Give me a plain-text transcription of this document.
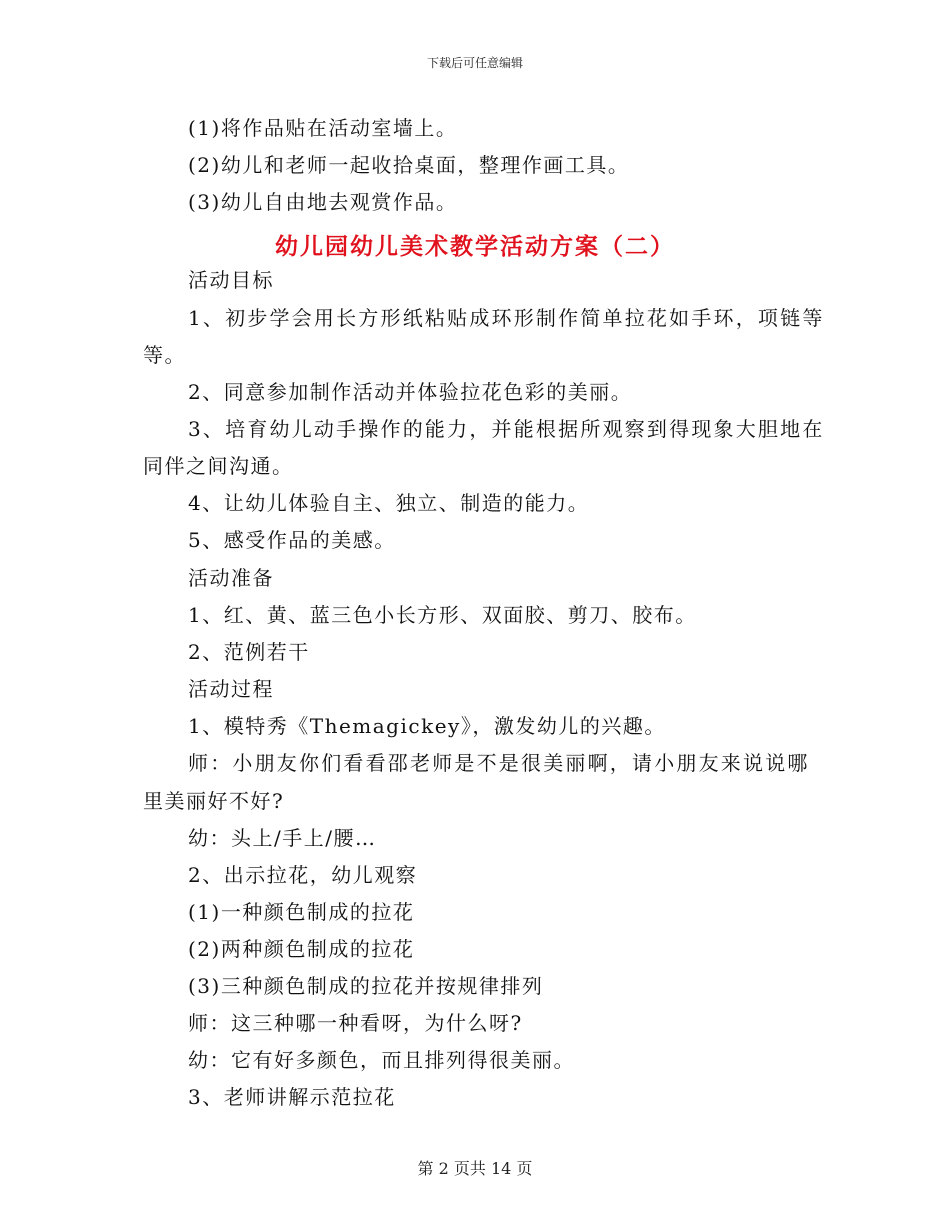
下载后可任意编辑
(1)将作品贴在活动室墙上。
(2)幼儿和老师一起收拾桌面，整理作画工具。
(3)幼儿自由地去观赏作品。
幼儿园幼儿美术教学活动方案（二）
活动目标
1、初步学会用长方形纸粘贴成环形制作简单拉花如手环，项链等
等。
2、同意参加制作活动并体验拉花色彩的美丽。
3、培育幼儿动手操作的能力，并能根据所观察到得现象大胆地在
同伴之间沟通。
4、让幼儿体验自主、独立、制造的能力。
5、感受作品的美感。
活动准备
1、红、黄、蓝三色小长方形、双面胶、剪刀、胶布。
2、范例若干
活动过程
1、模特秀《Themagickey》，激发幼儿的兴趣。
师：小朋友你们看看邵老师是不是很美丽啊，请小朋友来说说哪
里美丽好不好?
幼：头上/手上/腰…
2、出示拉花，幼儿观察
(1)一种颜色制成的拉花
(2)两种颜色制成的拉花
(3)三种颜色制成的拉花并按规律排列
师：这三种哪一种看呀，为什么呀?
幼：它有好多颜色，而且排列得很美丽。
3、老师讲解示范拉花
第 2 页共 14 页
